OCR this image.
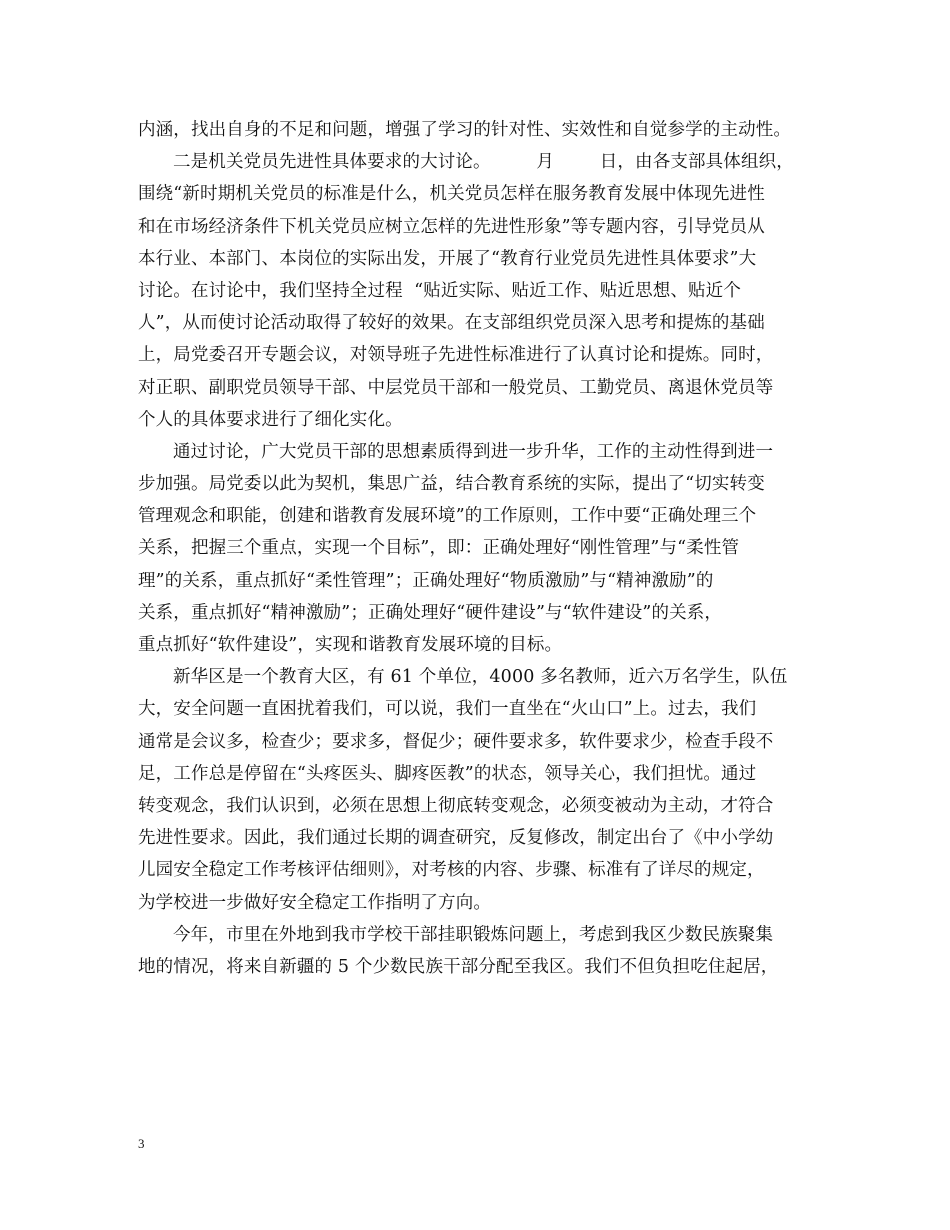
内涵，找出自身的不足和问题，增强了学习的针对性、实效性和自觉参学的主动性。
二是机关党员先进性具体要求的大讨论。        月        日，由各支部具体组织，
围绕“新时期机关党员的标准是什么，机关党员怎样在服务教育发展中体现先进性
和在市场经济条件下机关党员应树立怎样的先进性形象”等专题内容，引导党员从
本行业、本部门、本岗位的实际出发，开展了“教育行业党员先进性具体要求”大
讨论。在讨论中，我们坚持全过程  “贴近实际、贴近工作、贴近思想、贴近个
人”，从而使讨论活动取得了较好的效果。在支部组织党员深入思考和提炼的基础
上，局党委召开专题会议，对领导班子先进性标准进行了认真讨论和提炼。同时，
对正职、副职党员领导干部、中层党员干部和一般党员、工勤党员、离退休党员等
个人的具体要求进行了细化实化。
通过讨论，广大党员干部的思想素质得到进一步升华，工作的主动性得到进一
步加强。局党委以此为契机，集思广益，结合教育系统的实际，提出了“切实转变
管理观念和职能，创建和谐教育发展环境”的工作原则，工作中要“正确处理三个
关系，把握三个重点，实现一个目标”，即：正确处理好“刚性管理”与“柔性管
理”的关系，重点抓好“柔性管理”；正确处理好“物质激励”与“精神激励”的
关系，重点抓好“精神激励”；正确处理好“硬件建设”与“软件建设”的关系，
重点抓好“软件建设”，实现和谐教育发展环境的目标。
新华区是一个教育大区，有 61 个单位，4000 多名教师，近六万名学生，队伍
大，安全问题一直困扰着我们，可以说，我们一直坐在“火山口”上。过去，我们
通常是会议多，检查少；要求多，督促少；硬件要求多，软件要求少，检查手段不
足，工作总是停留在“头疼医头、脚疼医教”的状态，领导关心，我们担忧。通过
转变观念，我们认识到，必须在思想上彻底转变观念，必须变被动为主动，才符合
先进性要求。因此，我们通过长期的调查研究，反复修改，制定出台了《中小学幼
儿园安全稳定工作考核评估细则》，对考核的内容、步骤、标准有了详尽的规定，
为学校进一步做好安全稳定工作指明了方向。
今年，市里在外地到我市学校干部挂职锻炼问题上，考虑到我区少数民族聚集
地的情况，将来自新疆的 5 个少数民族干部分配至我区。我们不但负担吃住起居，
3
